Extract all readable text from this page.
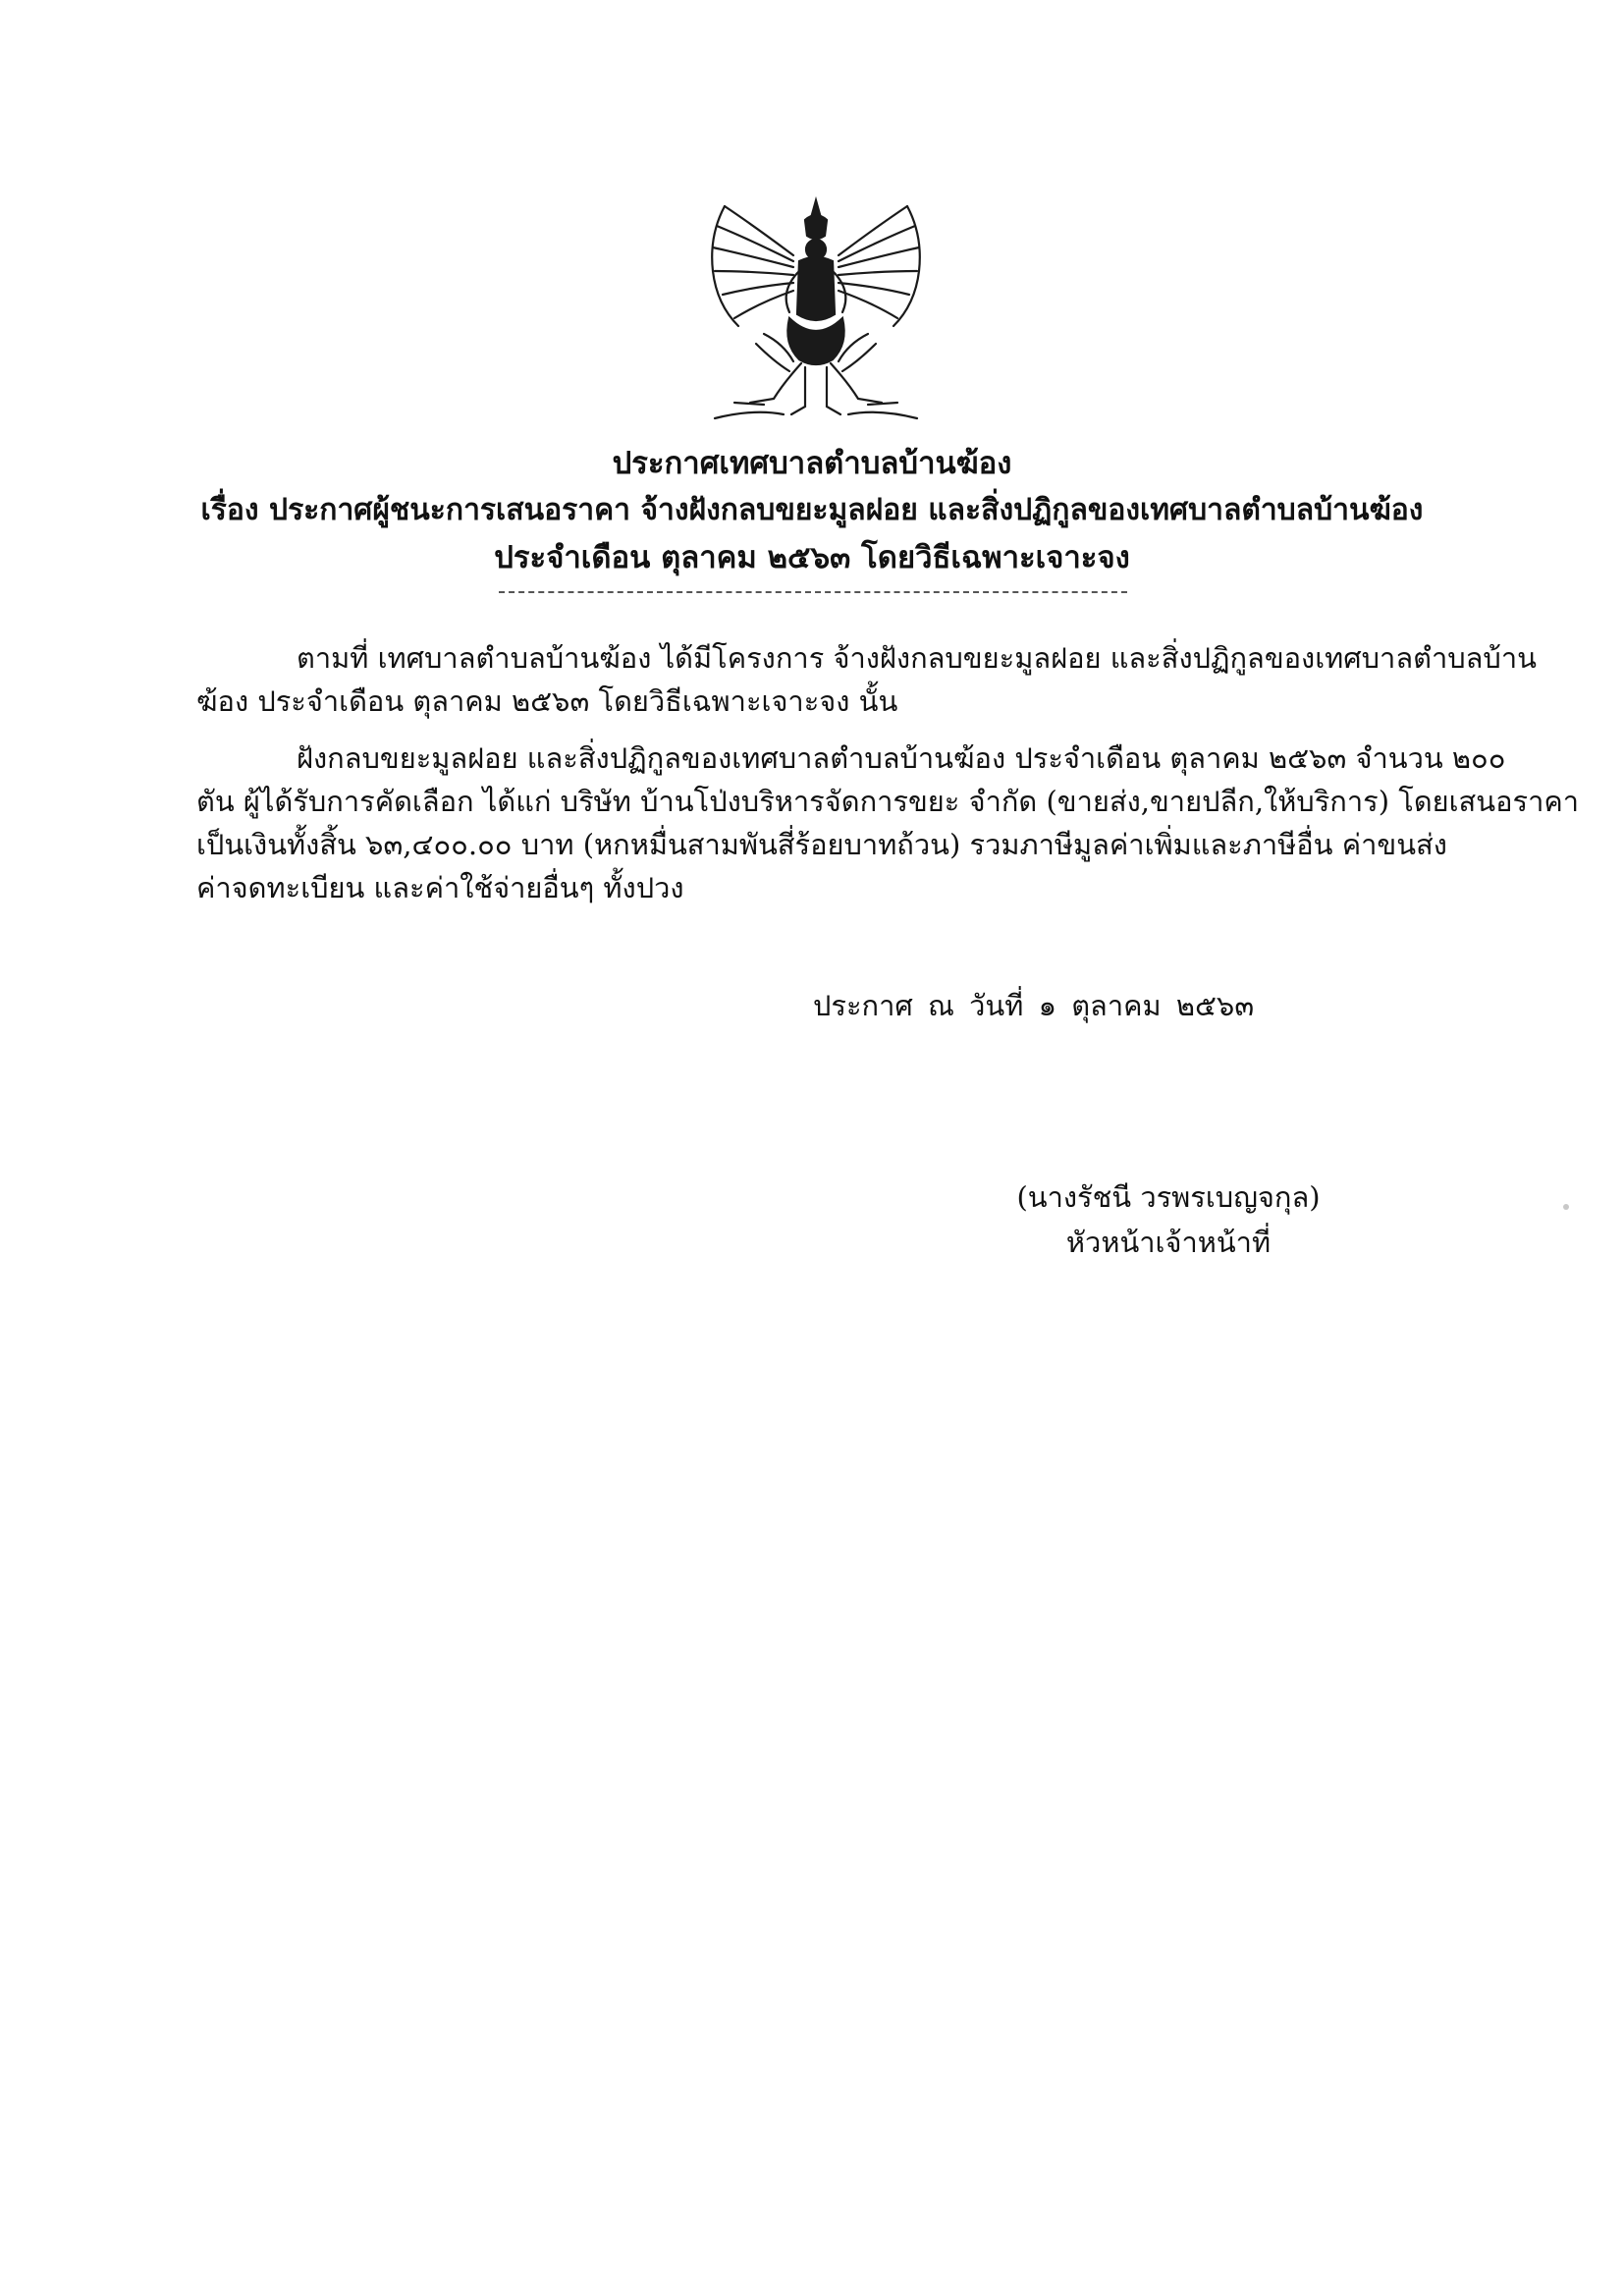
ประกาศเทศบาลตำบลบ้านฆ้อง
เรื่อง ประกาศผู้ชนะการเสนอราคา จ้างฝังกลบขยะมูลฝอย และสิ่งปฏิกูลของเทศบาลตำบลบ้านฆ้อง
ประจำเดือน ตุลาคม ๒๕๖๓ โดยวิธีเฉพาะเจาะจง
ตามที่ เทศบาลตำบลบ้านฆ้อง ได้มีโครงการ จ้างฝังกลบขยะมูลฝอย และสิ่งปฏิกูลของเทศบาลตำบลบ้าน
ฆ้อง ประจำเดือน ตุลาคม ๒๕๖๓ โดยวิธีเฉพาะเจาะจง นั้น
ฝังกลบขยะมูลฝอย และสิ่งปฏิกูลของเทศบาลตำบลบ้านฆ้อง ประจำเดือน ตุลาคม ๒๕๖๓ จำนวน ๒๐๐
ตัน ผู้ได้รับการคัดเลือก ได้แก่ บริษัท บ้านโป่งบริหารจัดการขยะ จำกัด (ขายส่ง,ขายปลีก,ให้บริการ) โดยเสนอราคา
เป็นเงินทั้งสิ้น ๖๓,๔๐๐.๐๐ บาท (หกหมื่นสามพันสี่ร้อยบาทถ้วน) รวมภาษีมูลค่าเพิ่มและภาษีอื่น ค่าขนส่ง
ค่าจดทะเบียน และค่าใช้จ่ายอื่นๆ ทั้งปวง
ประกาศ ณ วันที่ ๑ ตุลาคม ๒๕๖๓
(นางรัชนี วรพรเบญจกุล)
หัวหน้าเจ้าหน้าที่
